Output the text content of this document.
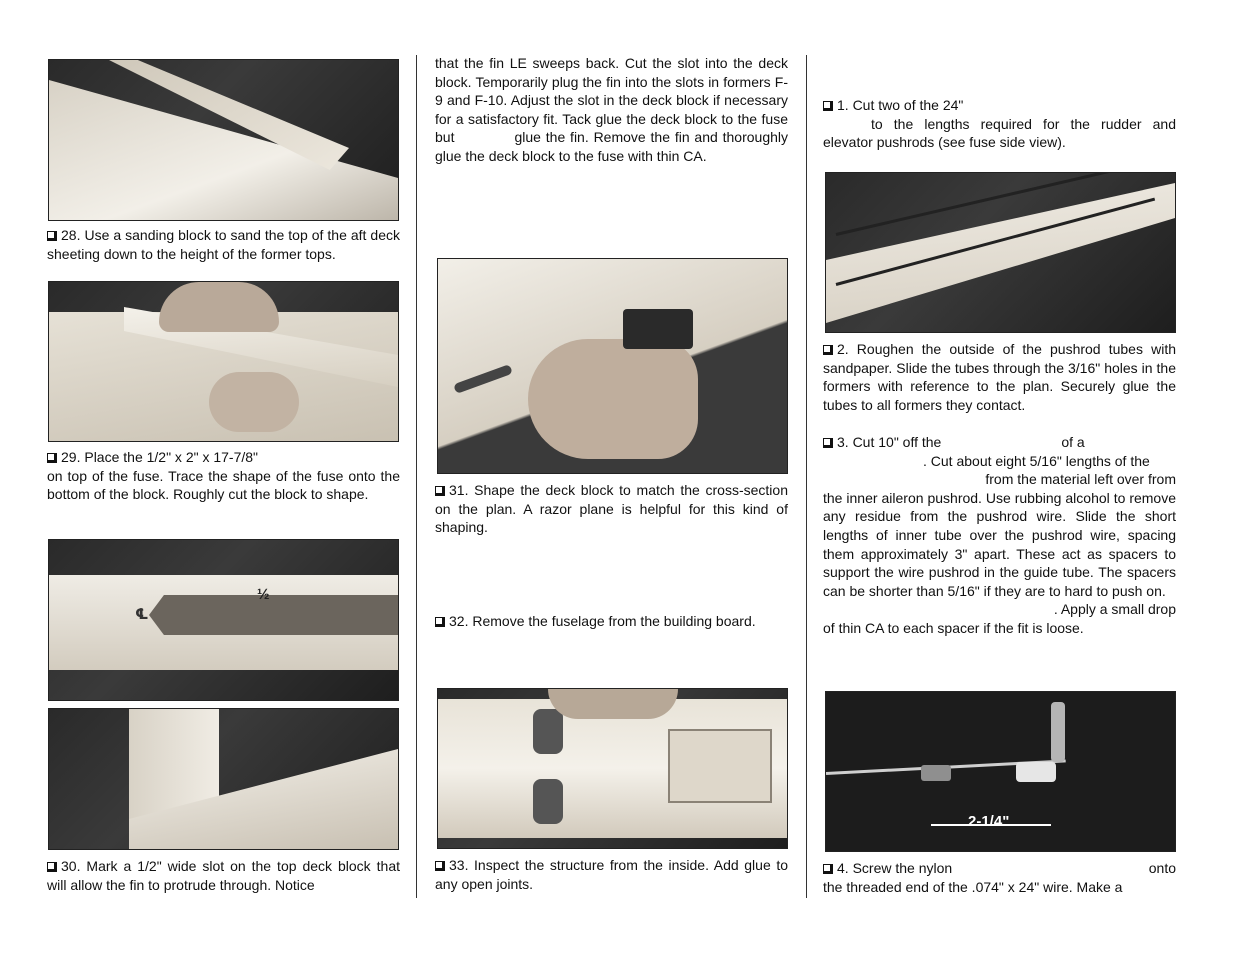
28. Use a sanding block to sand the top of the aft deck sheeting down to the height of the former tops.

29. Place the 1/2" x 2" x 17-7/8"
on top of the fuse. Trace the shape of the fuse onto the bottom of the block. Roughly cut the block to shape.
½
℄

30. Mark a 1/2" wide slot on the top deck block that will allow the fin to protrude through. Notice

that the fin LE sweeps back. Cut the slot into the deck block. Temporarily plug the fin into the slots in formers F-9 and F-10. Adjust the slot in the deck block if necessary for a satisfactory fit. Tack glue the deck block to the fuse but	glue the fin. Remove the fin and thoroughly glue the deck block to the fuse with thin CA.

31. Shape the deck block to match the cross-section on the plan. A razor plane is helpful for this kind of shaping.

32. Remove the fuselage from the building board.

33. Inspect the structure from the inside. Add glue to any open joints.

1. Cut two of the 24"
to the lengths required for the rudder and elevator pushrods (see fuse side view).

2. Roughen the outside of the pushrod tubes with sandpaper. Slide the tubes through the 3/16" holes in the formers with reference to the plan. Securely glue the tubes to all formers they contact.

3. Cut 10" off the	of a
. Cut about eight 5/16" lengths of the
from the material left over from
the inner aileron pushrod. Use rubbing alcohol to remove any residue from the pushrod wire. Slide the short lengths of inner tube over the pushrod wire, spacing them approximately 3" apart. These act as spacers to support the wire pushrod in the guide tube. The spacers can be shorter than 5/16" if they are to hard to push on.
. Apply a small drop
of thin CA to each spacer if the fit is loose.
2-1/4"
4. Screw the nylon	onto
the threaded end of the .074" x 24" wire. Make a
